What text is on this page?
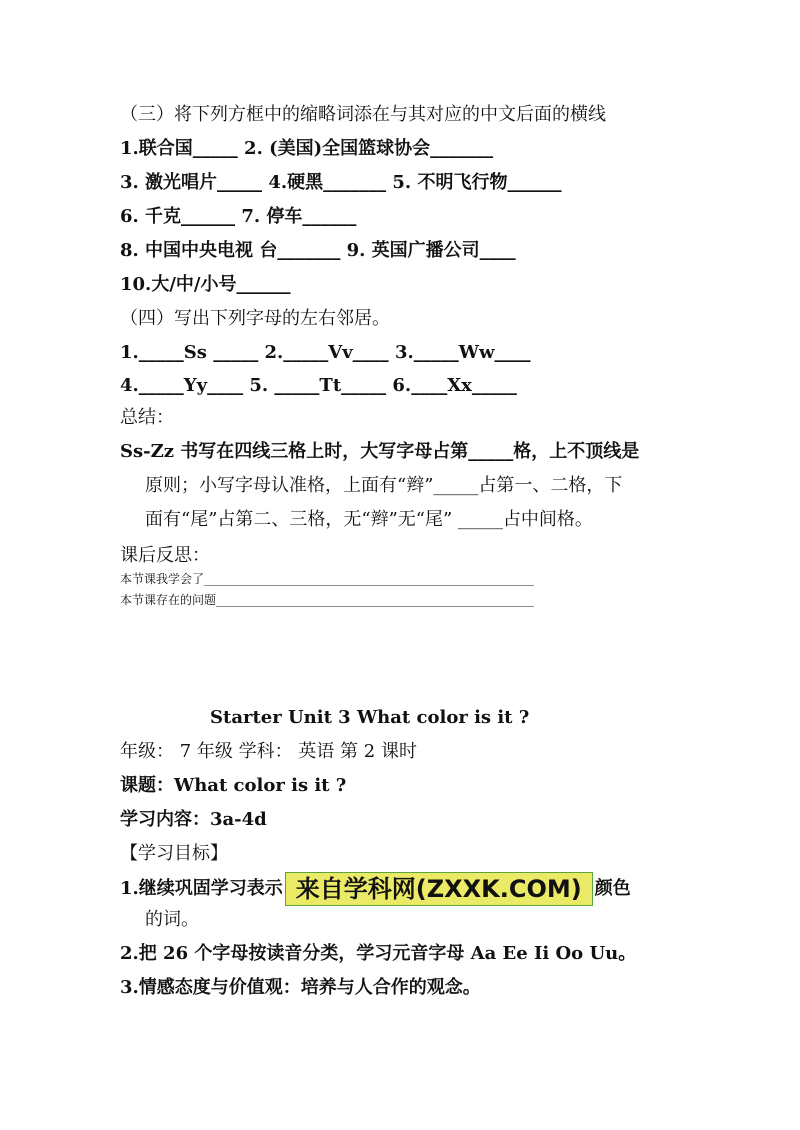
（三）将下列方框中的缩略词添在与其对应的中文后面的横线
1.联合国_____ 2. (美国)全国篮球协会_______
3. 激光唱片_____ 4.硬黑_______ 5. 不明飞行物______
6. 千克______ 7. 停车______
8. 中国中央电视 台_______ 9. 英国广播公司____
10.大/中/小号______
（四）写出下列字母的左右邻居。
1._____Ss _____ 2._____Vv____ 3._____Ww____
4._____Yy____ 5. _____Tt_____ 6.____Xx_____
总结：
Ss-Zz 书写在四线三格上时，大写字母占第_____格，上不顶线是
原则；小写字母认准格，上面有“辫”_____占第一、二格，下
面有“尾”占第二、三格，无“辫”无“尾” _____占中间格。
课后反思：
本节课我学会了_______________________________________________________
本节课存在的问题_____________________________________________________
Starter Unit 3 What color is it ?
年级： 7 年级 学科： 英语 第 2 课时
课题：What color is it ?
学习内容：3a-4d
【学习目标】
1.继续巩固学习表示 来自学科网(ZXXK.COM) 颜色
的词。
2.把 26 个字母按读音分类，学习元音字母 Aa Ee Ii Oo Uu。
3.情感态度与价值观：培养与人合作的观念。
